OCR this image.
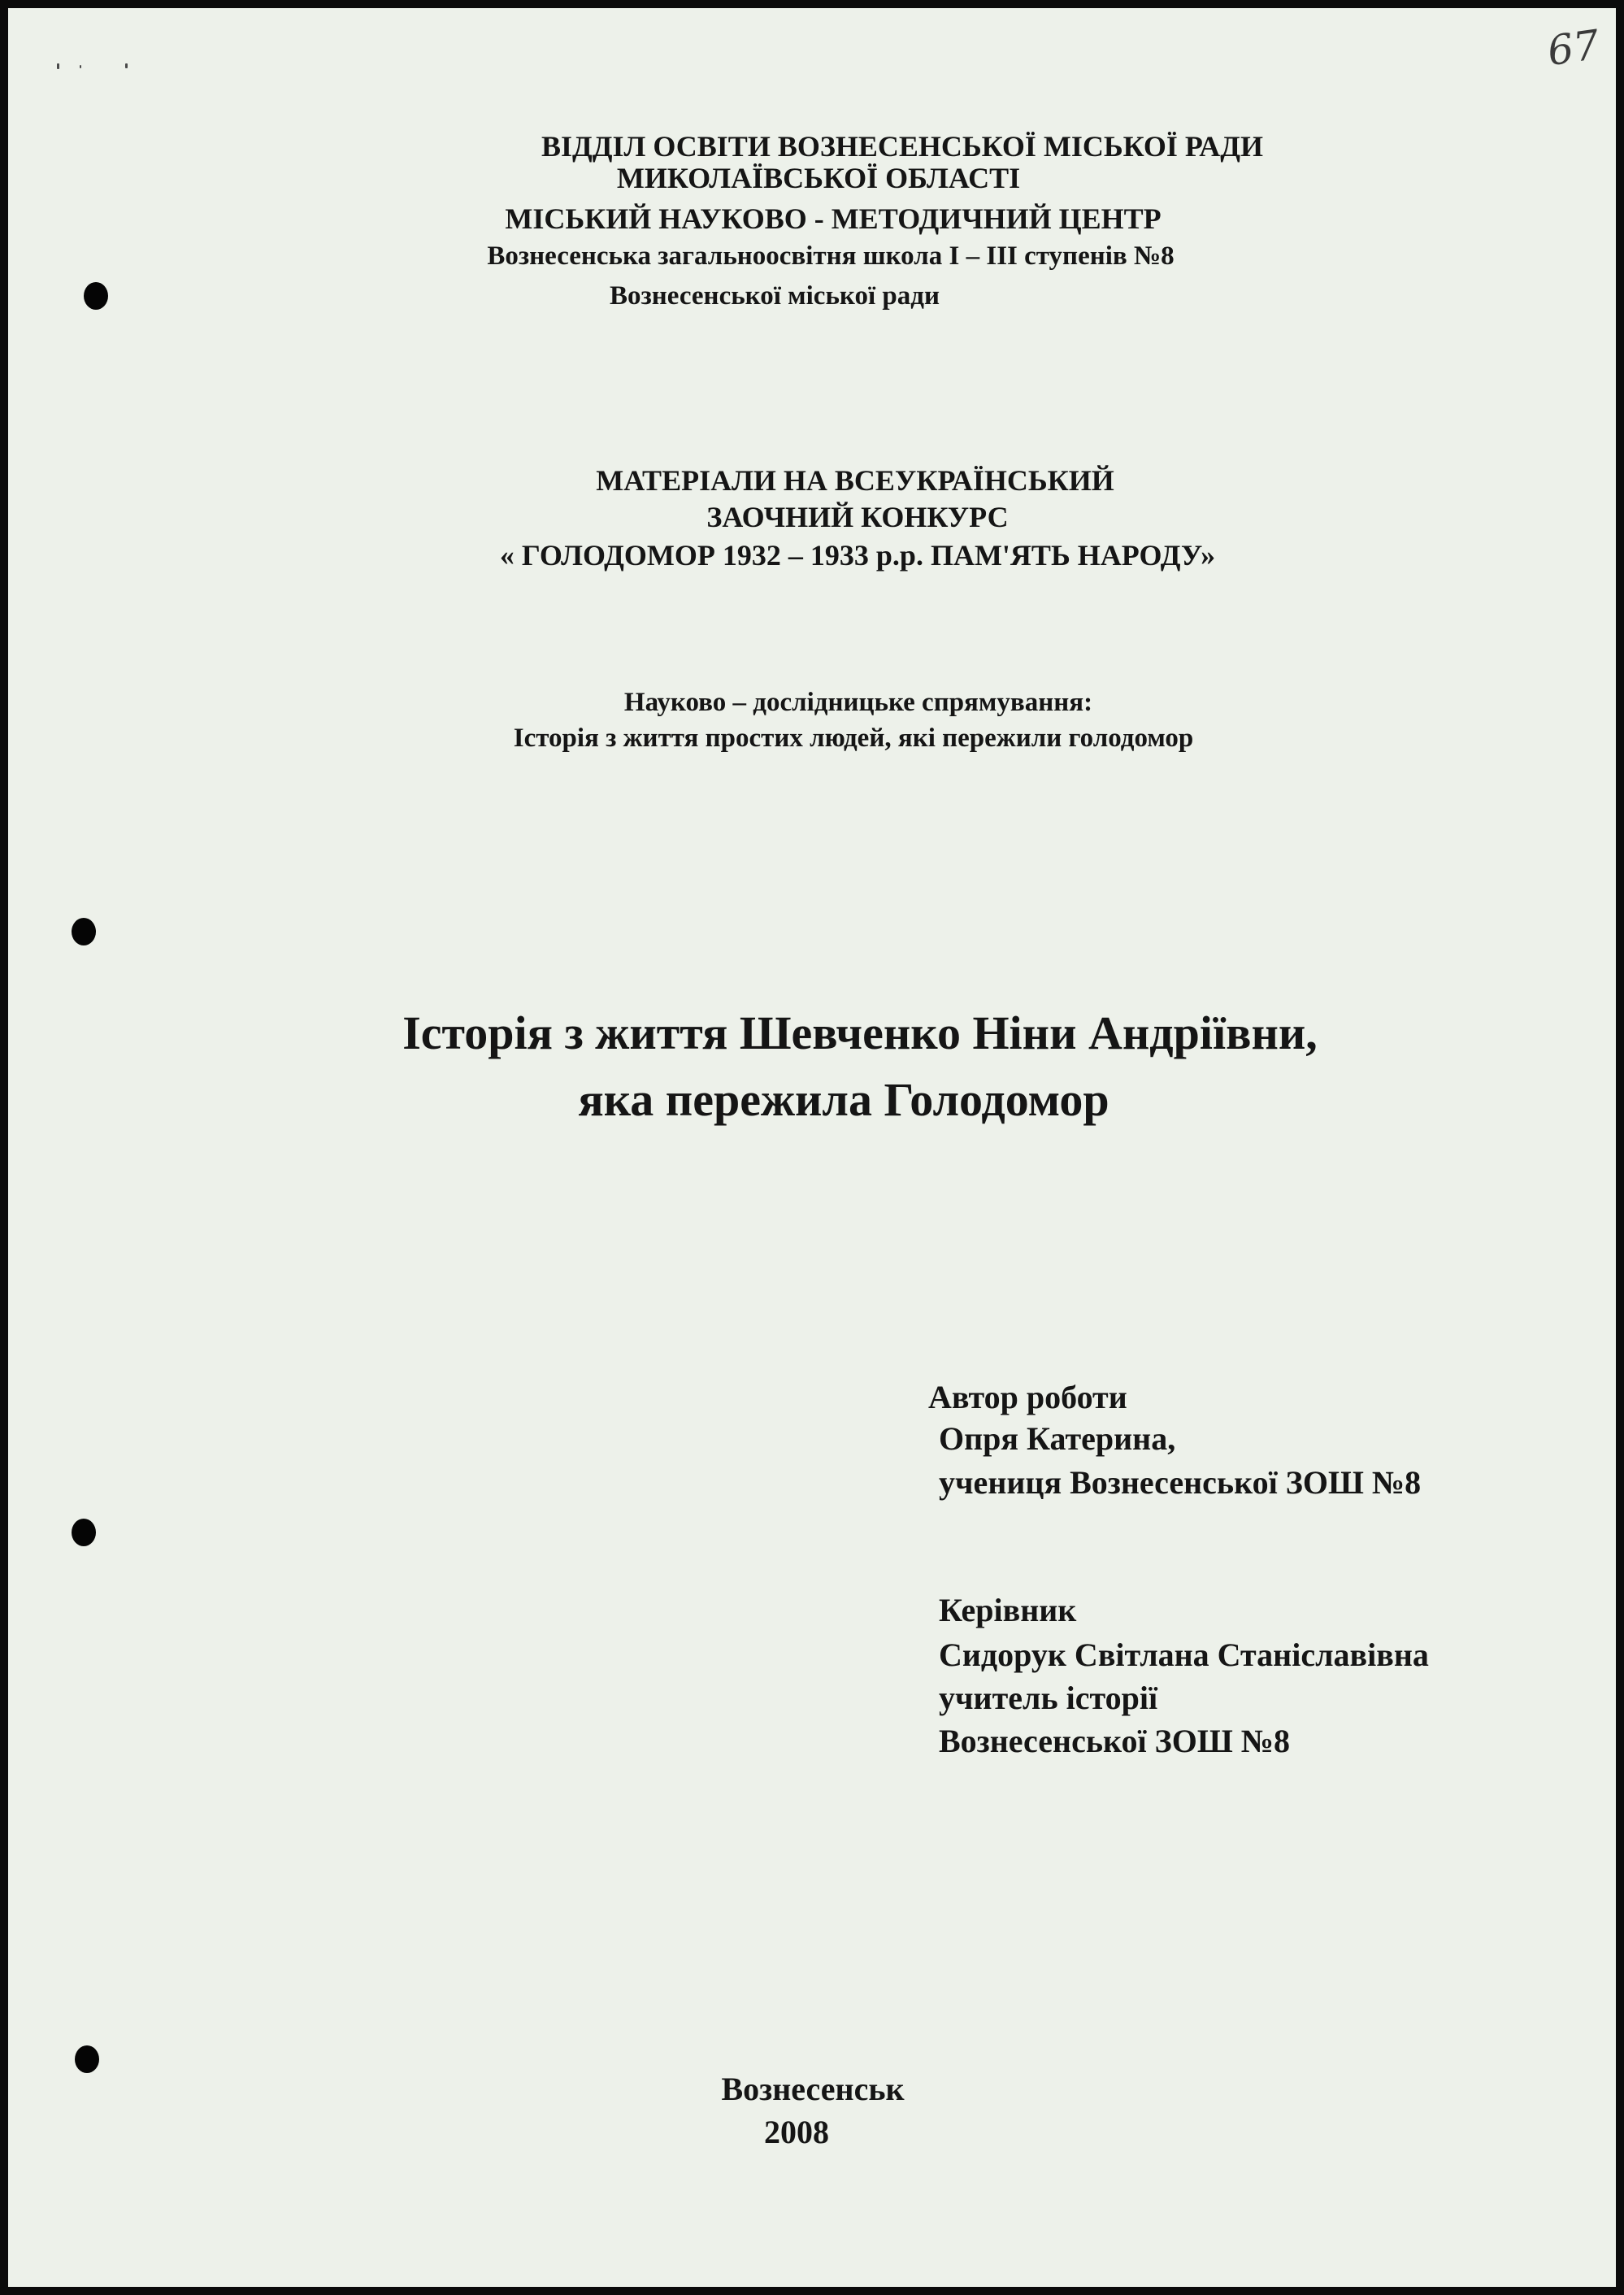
67
ВІДДІЛ ОСВІТИ ВОЗНЕСЕНСЬКОЇ МІСЬКОЇ РАДИ
МИКОЛАЇВСЬКОЇ ОБЛАСТІ
МІСЬКИЙ НАУКОВО - МЕТОДИЧНИЙ ЦЕНТР
Вознесенська загальноосвітня школа І – ІІІ ступенів №8
Вознесенської міської ради
МАТЕРІАЛИ НА ВСЕУКРАЇНСЬКИЙ
ЗАОЧНИЙ КОНКУРС
« ГОЛОДОМОР 1932 – 1933 р.р. ПАМ'ЯТЬ НАРОДУ»
Науково – дослідницьке спрямування:
Історія з життя простих людей, які пережили голодомор
Історія з життя Шевченко Ніни Андріївни,
яка пережила Голодомор
Автор роботи
Опря Катерина,
учениця Вознесенської ЗОШ №8
Керівник
Сидорук Світлана Станіславівна
учитель історії
Вознесенської ЗОШ №8
Вознесенськ
2008
